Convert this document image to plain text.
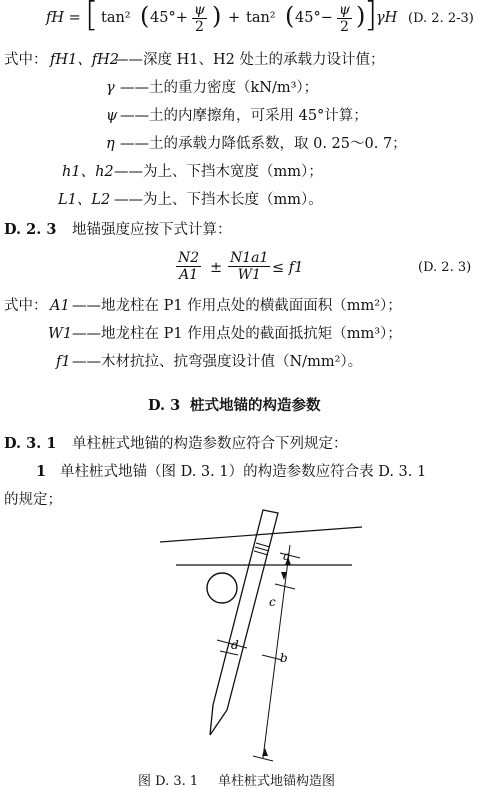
fH = [ tan² ( $45^\circ+ \frac{\psi}{2}$ ) + tan² ( $45^\circ- \frac{\psi}{2}$ )
]
γH (D. 2. 2-3)
式中： fH1、fH2
——深度 H1、H2 处土的承载力设计值；
γ ——土的重力密度（kN/m³）；
ψ ——土的内摩擦角，可采用 45°计算；
η ——土的承载力降低系数，取 0. 25～0. 7；
h1、h2 ——为上、下挡木宽度（mm）；
L1、L2 ——为上、下挡木长度（mm）。
D. 2. 3 地锚强度应按下式计算：
$\frac{N2}{A1} \pm \frac{N1a1}{W1} \le f1$	(D. 2. 3)
式中： A1 ——地龙柱在 P1 作用点处的横截面面积（mm²）；
W1 ——地龙柱在 P1 作用点处的截面抵抗矩（mm³）；
f1 ——木材抗拉、抗弯强度设计值（N/mm²）。
D. 3 桩式地锚的构造参数
D. 3. 1 单柱桩式地锚的构造参数应符合下列规定：
1 单柱桩式地锚（图 D. 3. 1）的构造参数应符合表 D. 3. 1
的规定；
a
c
b
d
图 D. 3. 1 单柱桩式地锚构造图
